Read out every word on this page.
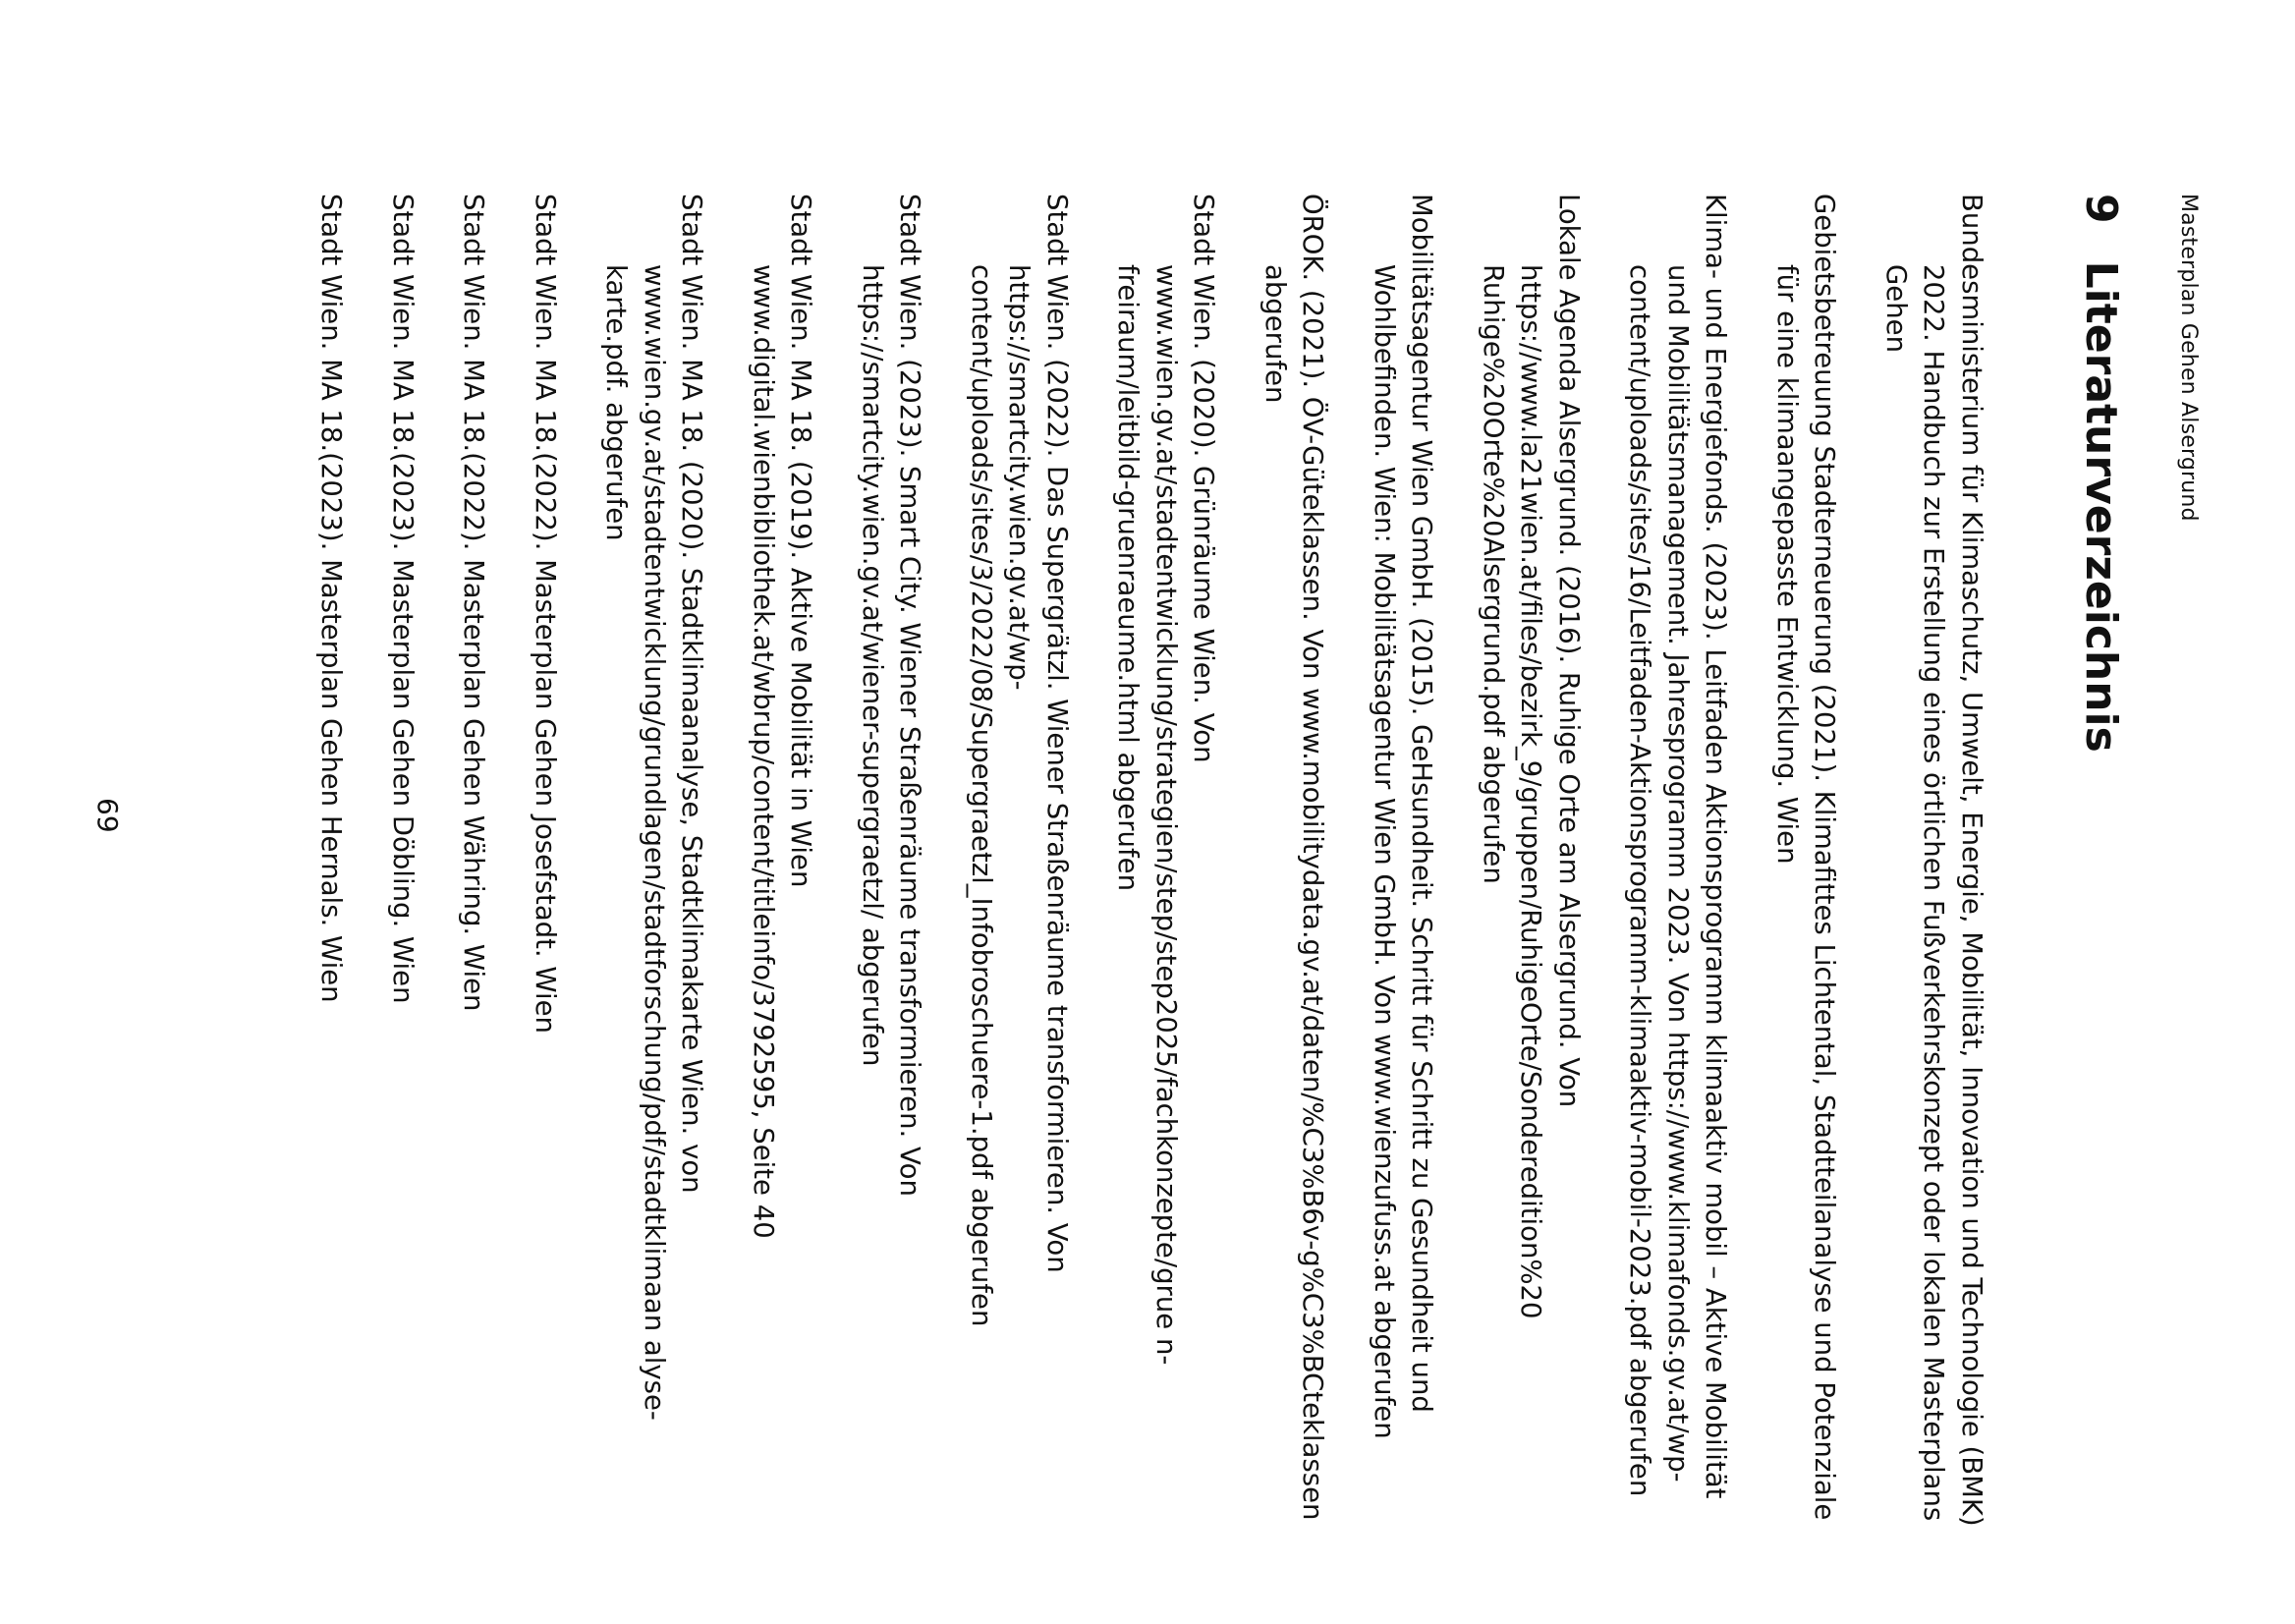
Masterplan Gehen Alsergrund
9
Literaturverzeichnis

Bundesministerium für Klimaschutz, Umwelt, Energie, Mobilität, Innovation und Technologie (BMK) 2022. Handbuch zur Erstellung eines örtlichen Fußverkehrskonzept oder lokalen Masterplans Gehen

Gebietsbetreuung Stadterneuerung (2021). Klimafittes Lichtental, Stadtteilanalyse und Potenziale für eine klimaangepasste Entwicklung. Wien

Klima- und Energiefonds. (2023). Leitfaden Aktionsprogramm klimaaktiv mobil – Aktive Mobilität und Mobilitätsmanagement. Jahresprogramm 2023. Von https://www.klimafonds.gv.at/wp-content/uploads/sites/16/Leitfaden-Aktionsprogramm-klimaaktiv-mobil-2023.pdf abgerufen

Lokale Agenda Alsergrund. (2016). Ruhige Orte am Alsergrund. Von https://www.la21wien.at/files/bezirk_9/gruppen/RuhigeOrte/Sonderedition%20 Ruhige%20Orte%20Alsergrund.pdf abgerufen

Mobilitätsagentur Wien GmbH. (2015). GeHsundheit. Schritt für Schritt zu Gesundheit und Wohlbefinden. Wien: Mobilitätsagentur Wien GmbH. Von www.wienzufuss.at abgerufen

ÖROK. (2021). ÖV-Güteklassen. Von www.mobilitydata.gv.at/daten/%C3%B6v-g%C3%BCteklassen abgerufen

Stadt Wien. (2020). Grünräume Wien. Von www.wien.gv.at/stadtentwicklung/strategien/step/step2025/fachkonzepte/grue n-freiraum/leitbild-gruenraeume.html abgerufen

Stadt Wien. (2022). Das Supergrätzl. Wiener Straßenräume transformieren. Von https://smartcity.wien.gv.at/wp-content/uploads/sites/3/2022/08/Supergraetzl_Infobroschuere-1.pdf abgerufen

Stadt Wien. (2023). Smart City. Wiener Straßenräume transformieren. Von https://smartcity.wien.gv.at/wiener-supergraetzl/ abgerufen

Stadt Wien. MA 18. (2019). Aktive Mobilität in Wien www.digital.wienbibliothek.at/wbrup/content/titleinfo/3792595, Seite 40

Stadt Wien. MA 18. (2020). Stadtklimaanalyse, Stadtklimakarte Wien. von www.wien.gv.at/stadtentwicklung/grundlagen/stadtforschung/pdf/stadtklimaan alyse-karte.pdf. abgerufen

Stadt Wien. MA 18.(2022). Masterplan Gehen Josefstadt. Wien

Stadt Wien. MA 18.(2022). Masterplan Gehen Währing. Wien

Stadt Wien. MA 18.(2023). Masterplan Gehen Döbling. Wien

Stadt Wien. MA 18.(2023). Masterplan Gehen Hernals. Wien

69
